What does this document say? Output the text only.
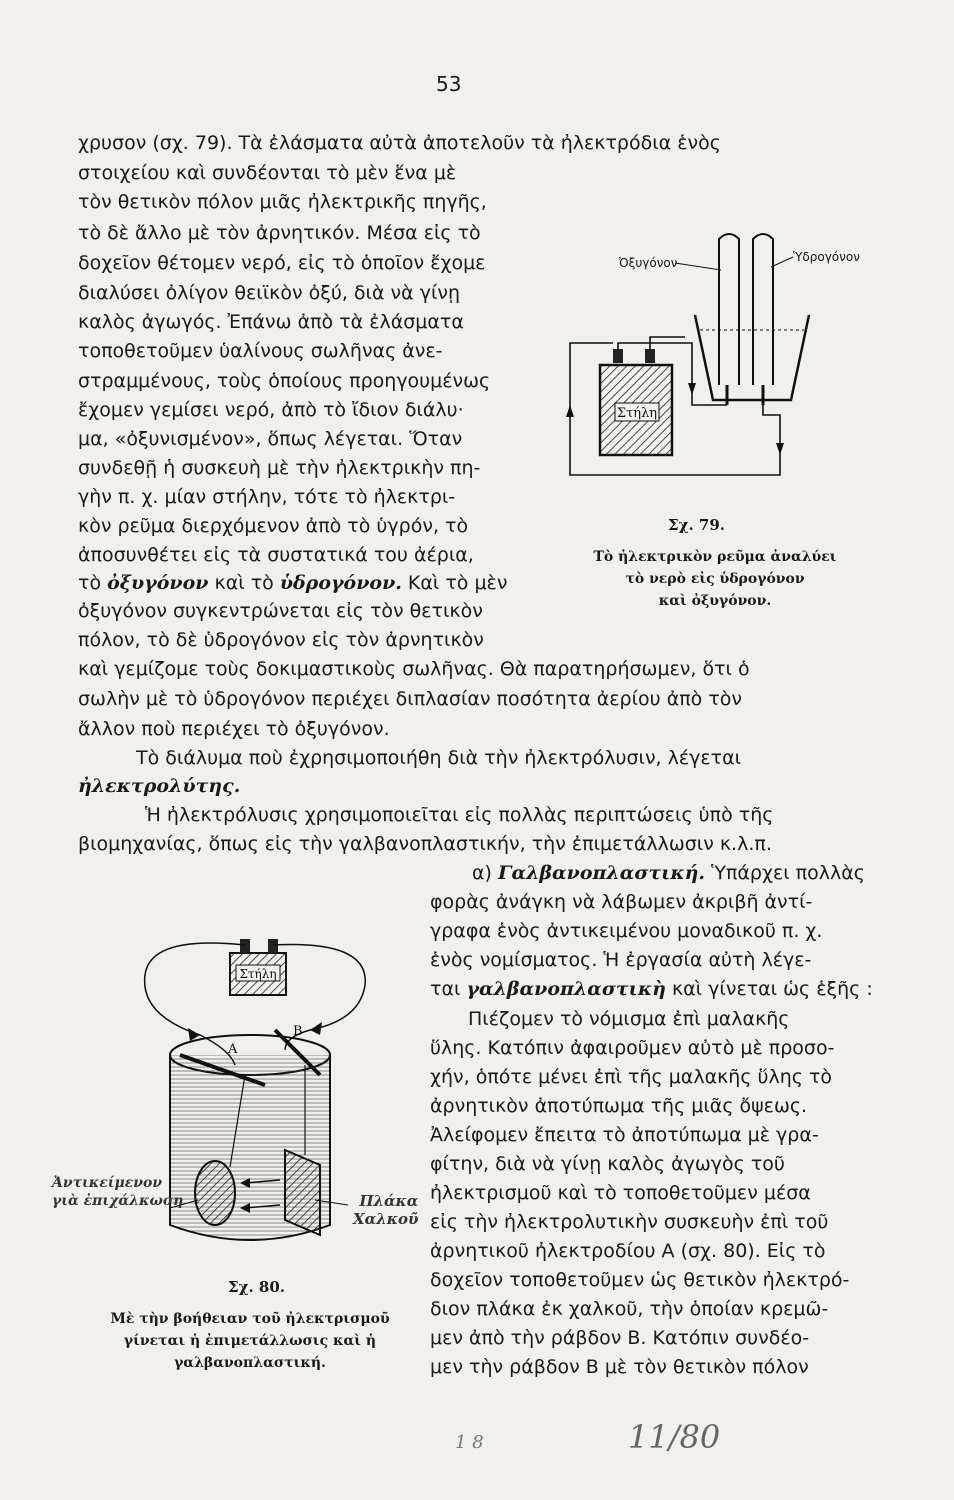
53
χρυσον (σχ. 79). Τὰ ἐλάσματα αὐτὰ ἀποτελοῦν τὰ ἠλεκτρόδια ἑνὸς
στοιχείου καὶ συνδέονται τὸ μὲν ἕνα μὲ
τὸν θετικὸν πόλον μιᾶς ἠλεκτρικῆς πηγῆς,
τὸ δὲ ἄλλο μὲ τὸν ἀρνητικόν. Μέσα εἰς τὸ
δοχεῖον θέτομεν νερό, εἰς τὸ ὁποῖον ἔχομε
διαλύσει ὀλίγον θειϊκὸν ὀξύ, διὰ νὰ γίνῃ
καλὸς ἀγωγός. Ἐπάνω ἀπὸ τὰ ἐλάσματα
τοποθετοῦμεν ὑαλίνους σωλῆνας ἀνε-
στραμμένους, τοὺς ὁποίους προηγουμένως
ἔχομεν γεμίσει νερό, ἀπὸ τὸ ἴδιον διάλυ·
μα, «ὀξυνισμένον», ὅπως λέγεται. Ὅταν
συνδεθῇ ἡ συσκευὴ μὲ τὴν ἠλεκτρικὴν πη-
γὴν π. χ. μίαν στήλην, τότε τὸ ἠλεκτρι-
κὸν ρεῦμα διερχόμενον ἀπὸ τὸ ὑγρόν, τὸ
ἀποσυνθέτει εἰς τὰ συστατικά του ἀέρια,
τὸ ὀξυγόνον καὶ τὸ ὑδρογόνον. Καὶ τὸ μὲν
ὀξυγόνον συγκεντρώνεται εἰς τὸν θετικὸν
πόλον, τὸ δὲ ὑδρογόνον εἰς τὸν ἀρνητικὸν
καὶ γεμίζομε τοὺς δοκιμαστικοὺς σωλῆνας. Θὰ παρατηρήσωμεν, ὅτι ὁ
σωλὴν μὲ τὸ ὑδρογόνον περιέχει διπλασίαν ποσότητα ἀερίου ἀπὸ τὸν
ἄλλον ποὺ περιέχει τὸ ὀξυγόνον.
Τὸ διάλυμα ποὺ ἐχρησιμοποιήθη διὰ τὴν ἠλεκτρόλυσιν, λέγεται
ἠλεκτρολύτης.
Ἡ ἠλεκτρόλυσις χρησιμοποιεῖται εἰς πολλὰς περιπτώσεις ὑπὸ τῆς
βιομηχανίας, ὅπως εἰς τὴν γαλβανοπλαστικήν, τὴν ἐπιμετάλλωσιν κ.λ.π.
α) Γαλβανοπλαστική. Ὑπάρχει πολλὰς
φορὰς ἀνάγκη νὰ λάβωμεν ἀκριβῆ ἀντί-
γραφα ἑνὸς ἀντικειμένου μοναδικοῦ π. χ.
ἑνὸς νομίσματος. Ἡ ἐργασία αὐτὴ λέγε-
ται γαλβανοπλαστικὴ καὶ γίνεται ὡς ἑξῆς :
Πιέζομεν τὸ νόμισμα ἐπὶ μαλακῆς
ὕλης. Κατόπιν ἀφαιροῦμεν αὐτὸ μὲ προσο-
χήν, ὁπότε μένει ἐπὶ τῆς μαλακῆς ὕλης τὸ
ἀρνητικὸν ἀποτύπωμα τῆς μιᾶς ὄψεως.
Ἀλείφομεν ἔπειτα τὸ ἀποτύπωμα μὲ γρα-
φίτην, διὰ νὰ γίνῃ καλὸς ἀγωγὸς τοῦ
ἠλεκτρισμοῦ καὶ τὸ τοποθετοῦμεν μέσα
εἰς τὴν ἠλεκτρολυτικὴν συσκευὴν ἐπὶ τοῦ
ἀρνητικοῦ ἠλεκτροδίου Α (σχ. 80). Εἰς τὸ
δοχεῖον τοποθετοῦμεν ὡς θετικὸν ἠλεκτρό-
διον πλάκα ἐκ χαλκοῦ, τὴν ὁποίαν κρεμῶ-
μεν ἀπὸ τὴν ράβδον Β. Κατόπιν συνδέο-
μεν τὴν ράβδον Β μὲ τὸν θετικὸν πόλον
Στήλη
Ὀξυγόνον	Ὑδρογόνον
Σχ. 79.
Τὸ ἠλεκτρικὸν ρεῦμα ἀναλύει
τὸ νερὸ εἰς ὑδρογόνον
καὶ ὀξυγόνον.
Στήλη
Α
Β
Ἀντικείμενον
γιὰ ἐπιχάλκωση	Πλάκα
Χαλκοῦ
Σχ. 80.
Μὲ τὴν βοήθειαν τοῦ ἠλεκτρισμοῦ
γίνεται ἡ ἐπιμετάλλωσις καὶ ἡ
γαλβανοπλαστική.
1 8	11/80
